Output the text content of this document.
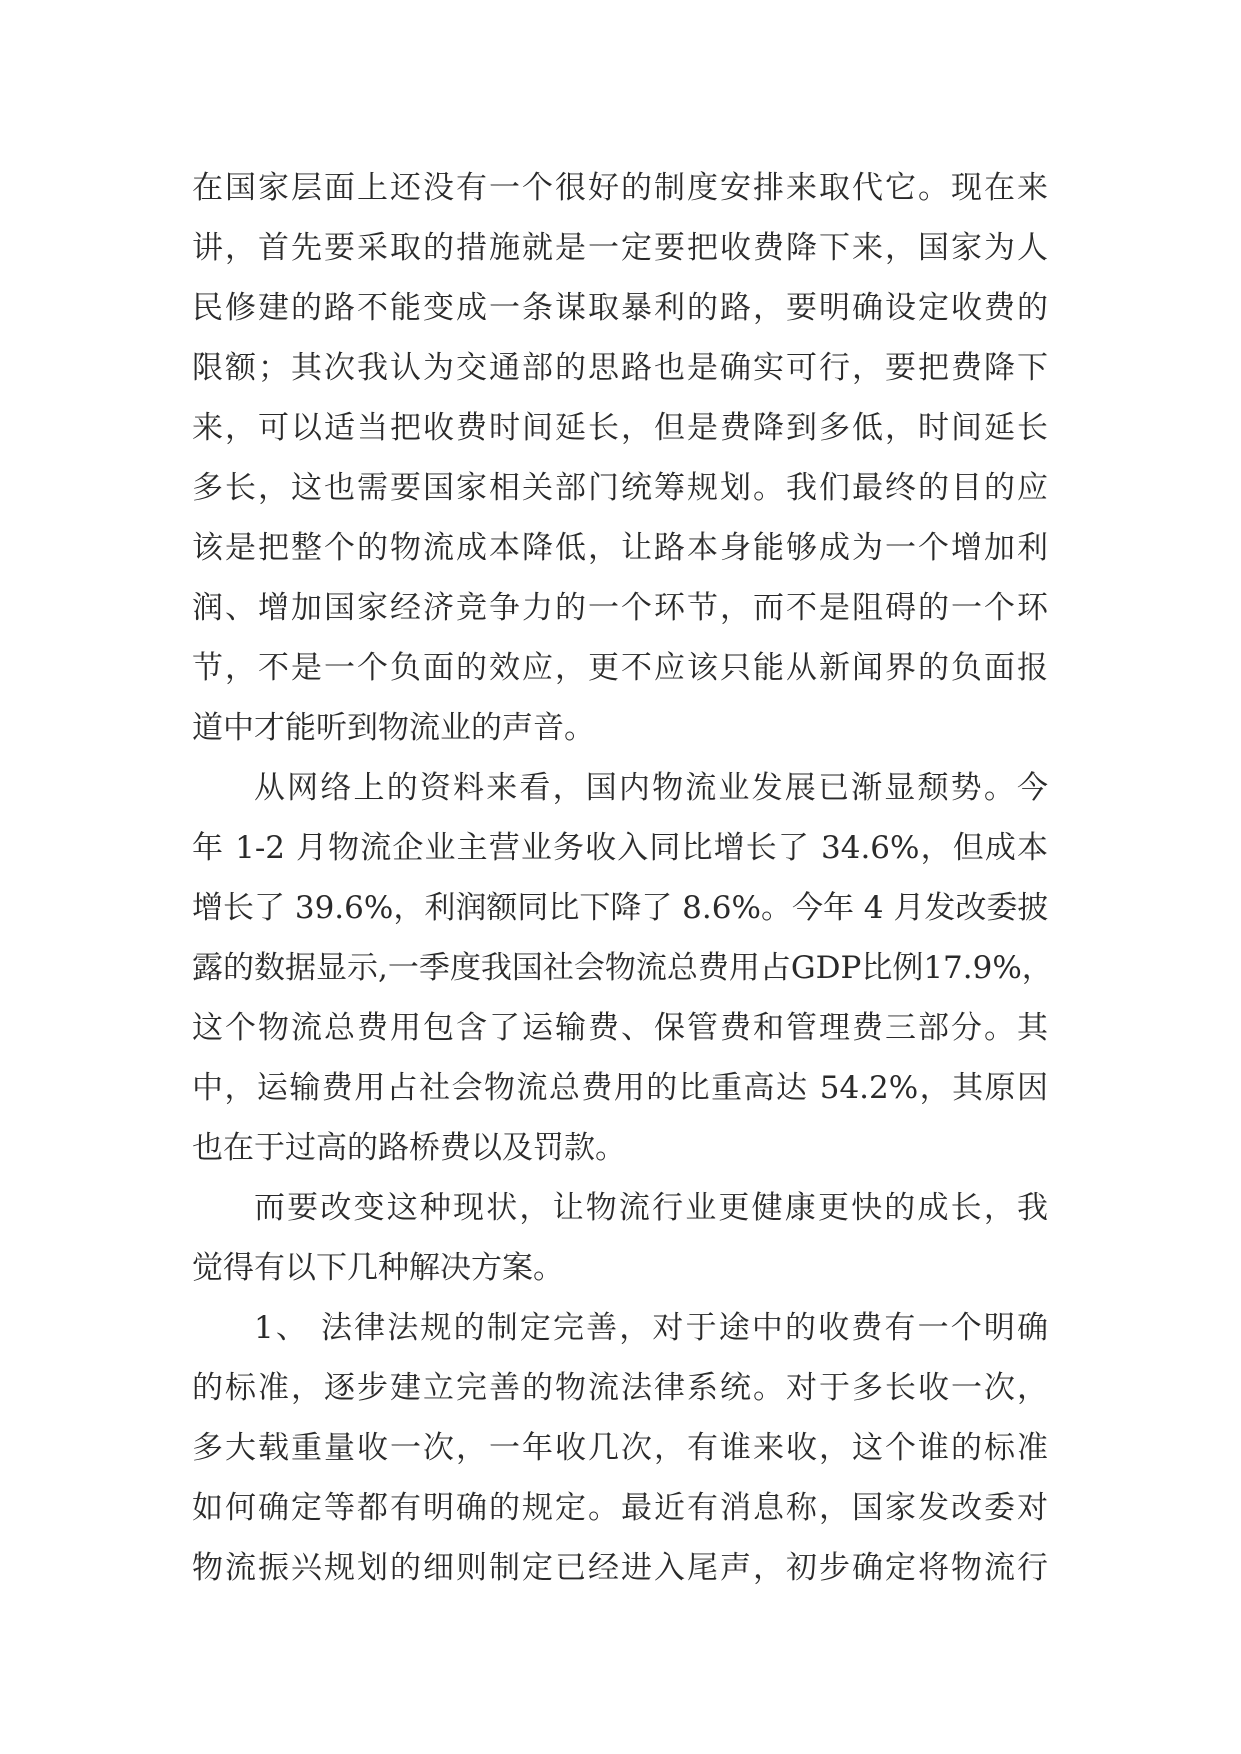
在国家层面上还没有一个很好的制度安排来取代它。现在来
讲，首先要采取的措施就是一定要把收费降下来，国家为人
民修建的路不能变成一条谋取暴利的路，要明确设定收费的
限额；其次我认为交通部的思路也是确实可行，要把费降下
来，可以适当把收费时间延长，但是费降到多低，时间延长
多长，这也需要国家相关部门统筹规划。我们最终的目的应
该是把整个的物流成本降低，让路本身能够成为一个增加利
润、增加国家经济竞争力的一个环节，而不是阻碍的一个环
节，不是一个负面的效应，更不应该只能从新闻界的负面报
道中才能听到物流业的声音。
从网络上的资料来看，国内物流业发展已渐显颓势。今
年 1-2 月物流企业主营业务收入同比增长了 34.6%，但成本
增长了 39.6%，利润额同比下降了 8.6%。今年 4 月发改委披
露的数据显示,一季度我国社会物流总费用占GDP比例17.9%，
这个物流总费用包含了运输费、保管费和管理费三部分。其
中，运输费用占社会物流总费用的比重高达 54.2%，其原因
也在于过高的路桥费以及罚款。
而要改变这种现状，让物流行业更健康更快的成长，我
觉得有以下几种解决方案。
1、 法律法规的制定完善，对于途中的收费有一个明确
的标准，逐步建立完善的物流法律系统。对于多长收一次，
多大载重量收一次，一年收几次，有谁来收，这个谁的标准
如何确定等都有明确的规定。最近有消息称，国家发改委对
物流振兴规划的细则制定已经进入尾声，初步确定将物流行
